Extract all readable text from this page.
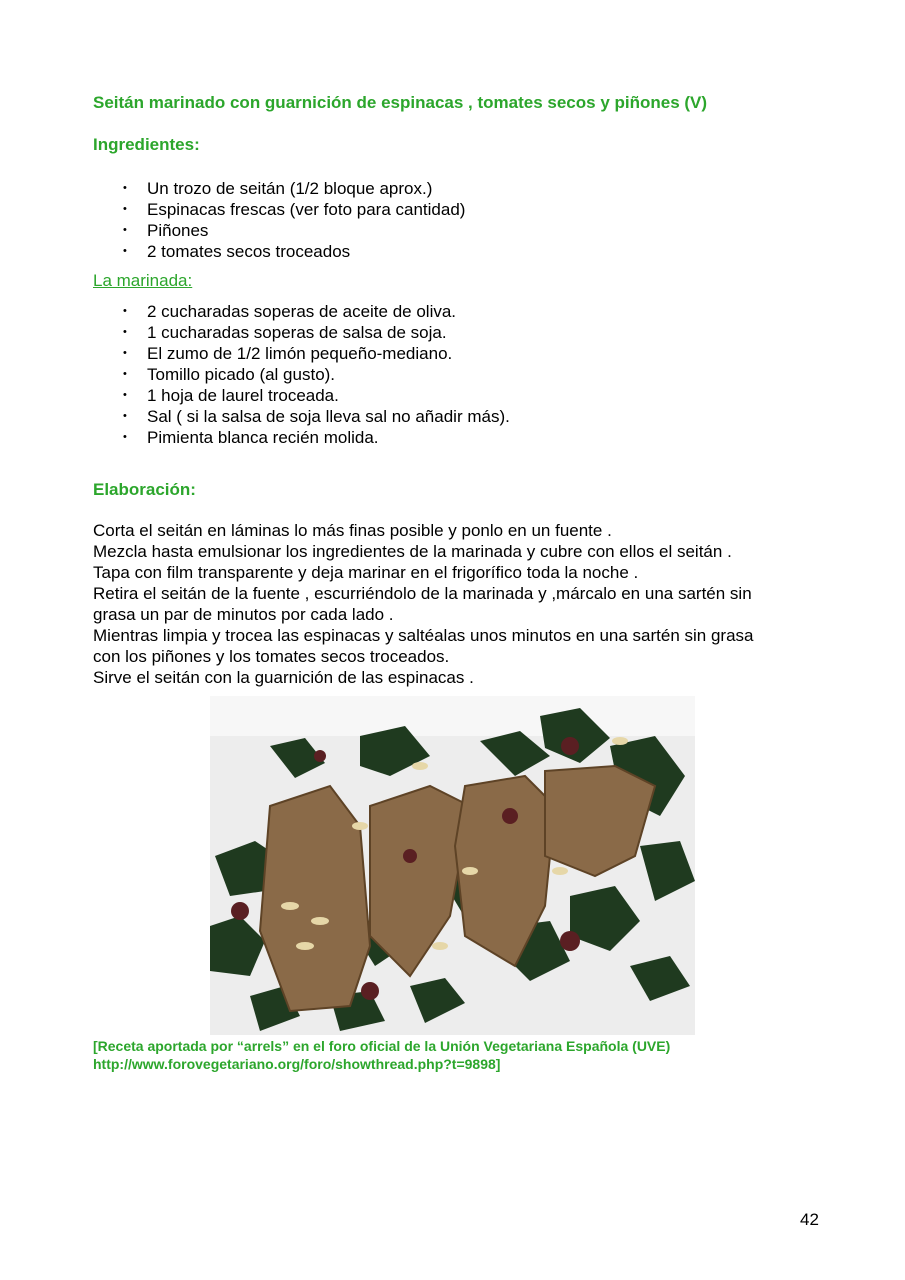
Seitán marinado con guarnición de espinacas , tomates secos y piñones (V)
Ingredientes:
• Un trozo de seitán (1/2 bloque aprox.)
• Espinacas frescas (ver foto para cantidad)
• Piñones
• 2 tomates secos troceados
La marinada:
• 2 cucharadas soperas de aceite de oliva.
• 1 cucharadas soperas de salsa de soja.
• El zumo de 1/2 limón pequeño-mediano.
• Tomillo picado (al gusto).
• 1 hoja de laurel troceada.
• Sal ( si la salsa de soja lleva sal no añadir más).
• Pimienta blanca recién molida.
Elaboración:
Corta el seitán en láminas lo más finas posible y ponlo en un fuente .
Mezcla hasta emulsionar los ingredientes de la marinada y cubre con ellos el seitán .
Tapa con film transparente y deja marinar en el frigorífico toda la noche .
Retira el seitán de la fuente , escurriéndolo de la marinada y ,márcalo en una sartén sin
grasa un par de minutos por cada lado .
Mientras limpia y trocea las espinacas y saltéalas unos minutos en una sartén sin grasa
con los piñones y los tomates secos troceados.
Sirve el seitán con la guarnición de las espinacas .
[Receta aportada por “arrels” en el foro oficial de la Unión Vegetariana Española (UVE)
http://www.forovegetariano.org/foro/showthread.php?t=9898]
42
